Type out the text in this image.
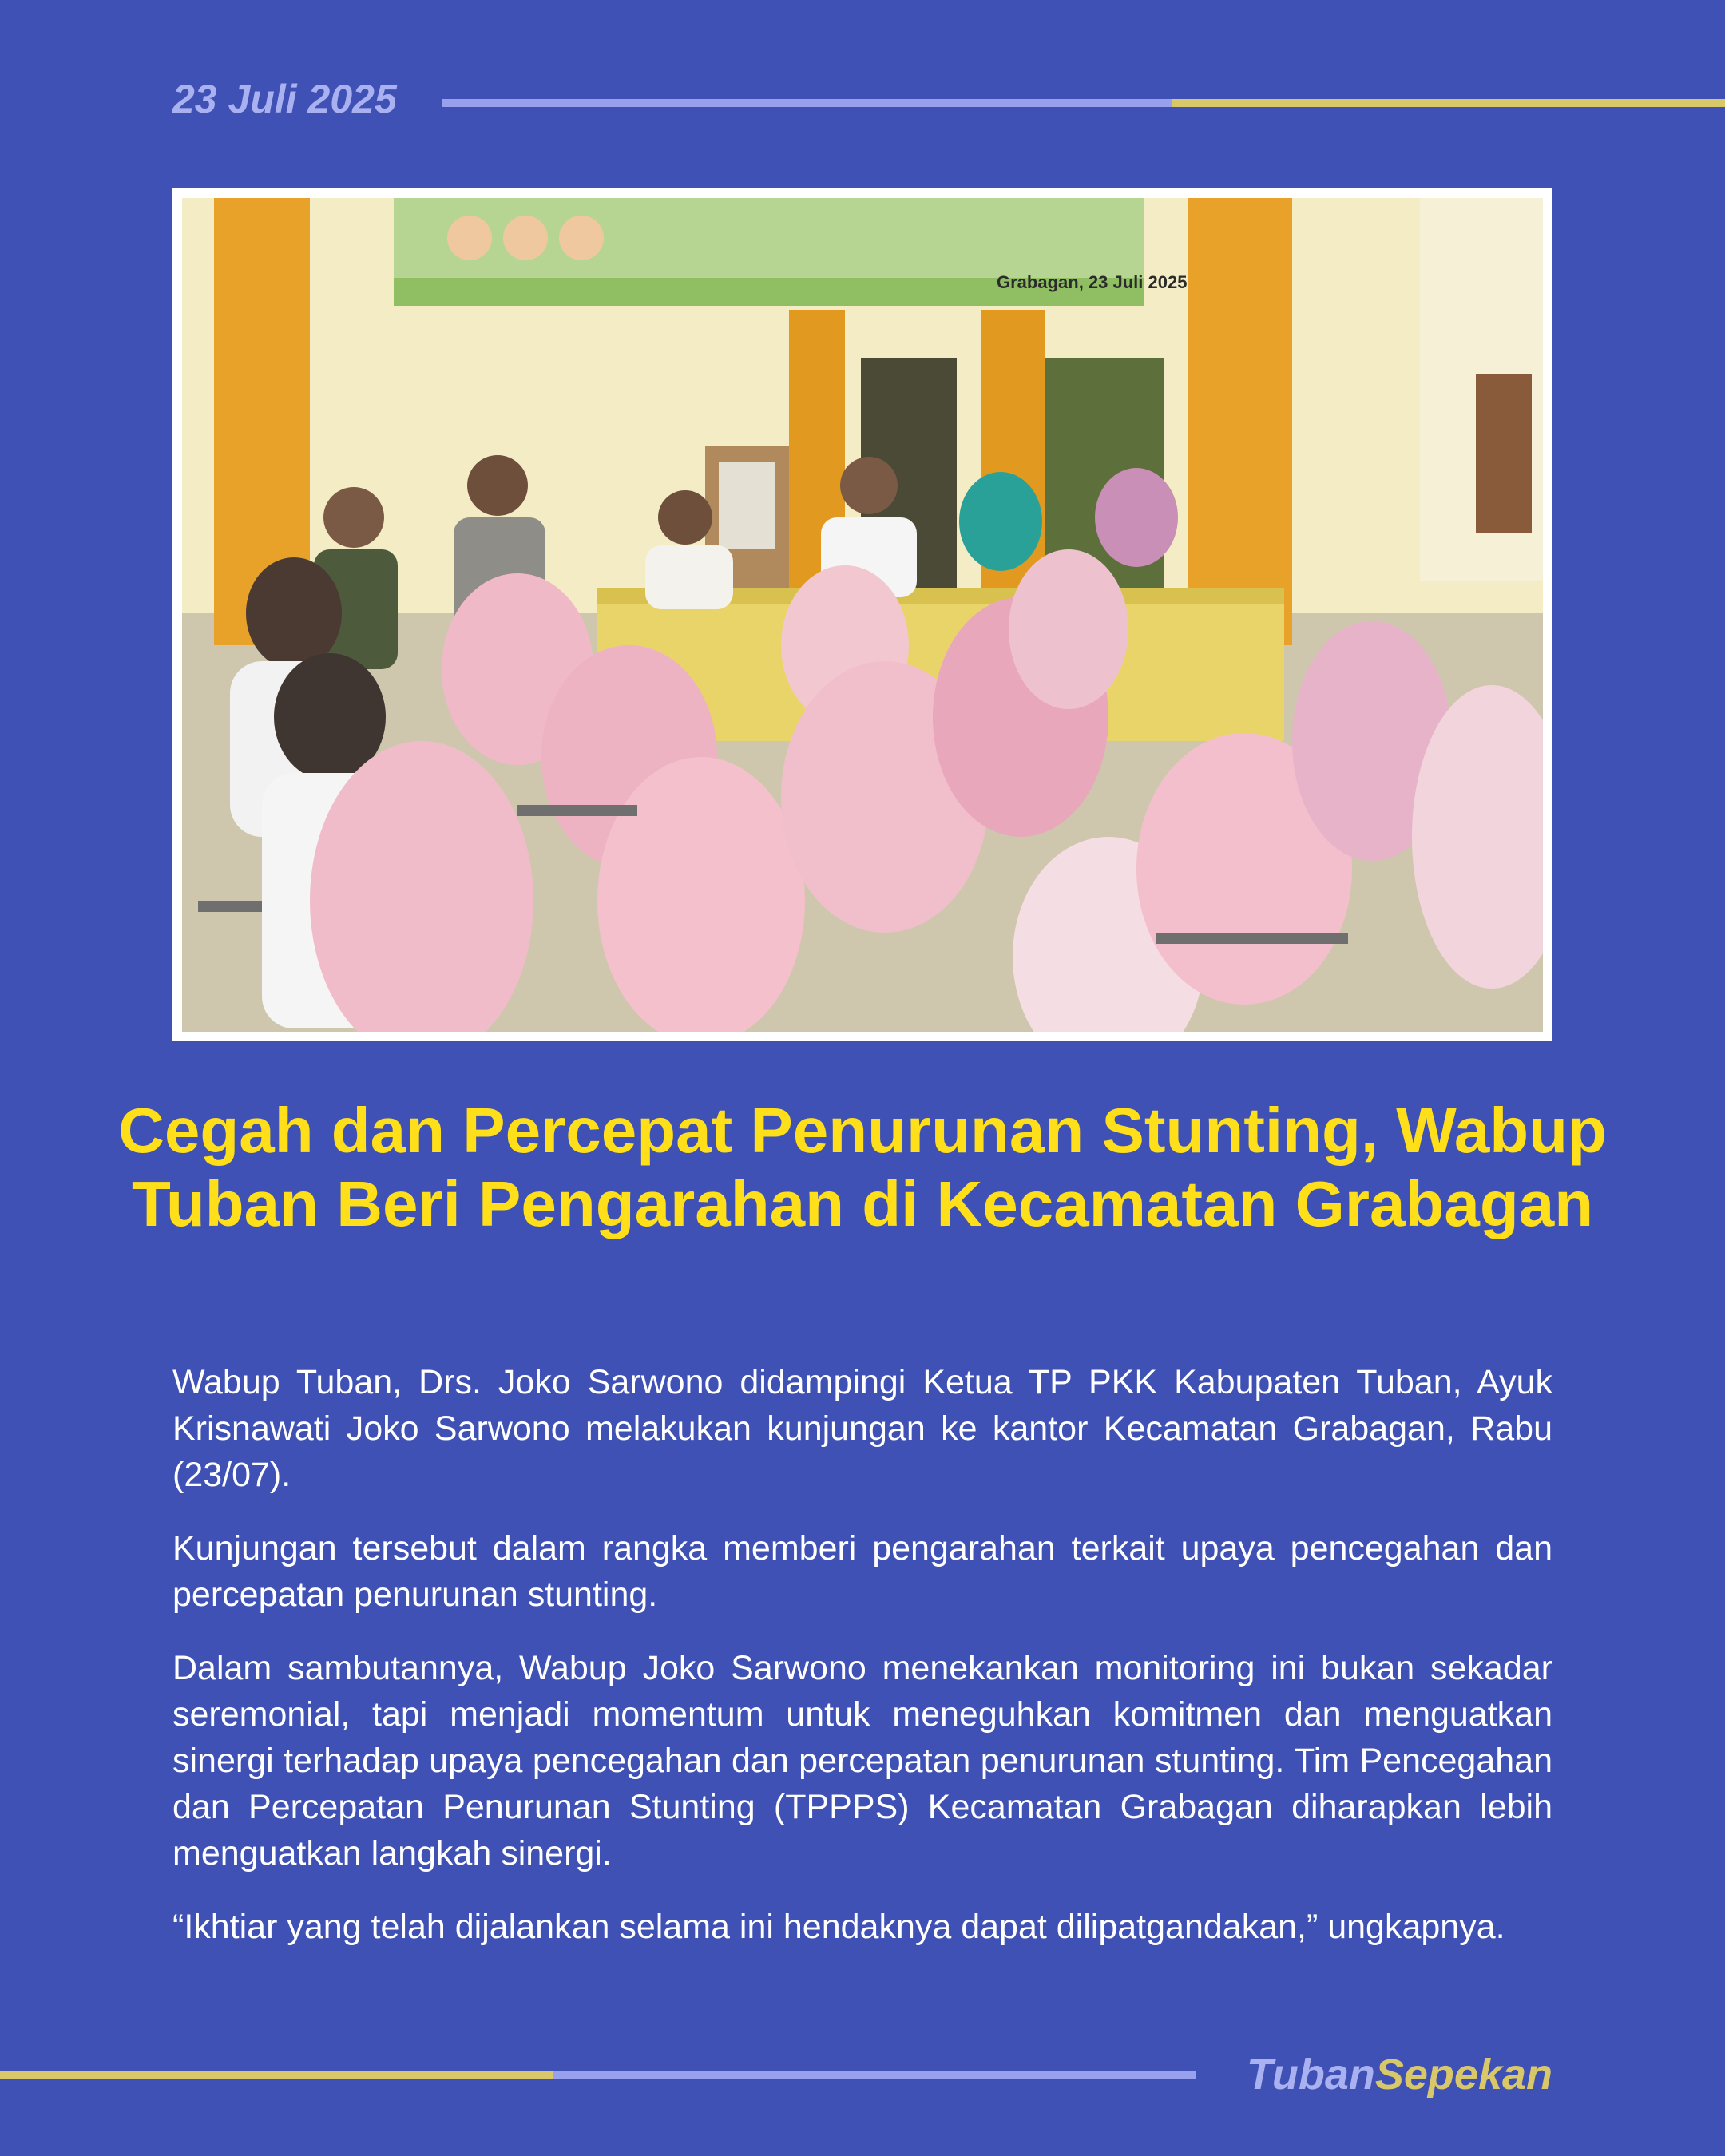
23 Juli 2025
Grabagan, 23 Juli 2025
Cegah dan Percepat Penurunan Stunting, Wabup Tuban Beri Pengarahan di Kecamatan Grabagan

Wabup Tuban, Drs. Joko Sarwono didampingi Ketua TP PKK Kabupaten Tuban, Ayuk Krisnawati Joko Sarwono melakukan kunjungan ke kantor Kecamatan Grabagan, Rabu (23/07).

Kunjungan tersebut dalam rangka memberi pengarahan terkait upaya pencegahan dan percepatan penurunan stunting.

Dalam sambutannya, Wabup Joko Sarwono menekankan monitoring ini bukan sekadar seremonial, tapi menjadi momentum untuk meneguhkan komitmen dan menguatkan sinergi terhadap upaya pencegahan dan percepatan penurunan stunting. Tim Pencegahan dan Percepatan Penurunan Stunting (TPPPS) Kecamatan Grabagan diharapkan lebih menguatkan langkah sinergi.

“Ikhtiar yang telah dijalankan selama ini hendaknya dapat dilipatgandakan,” ungkapnya.

TubanSepekan
